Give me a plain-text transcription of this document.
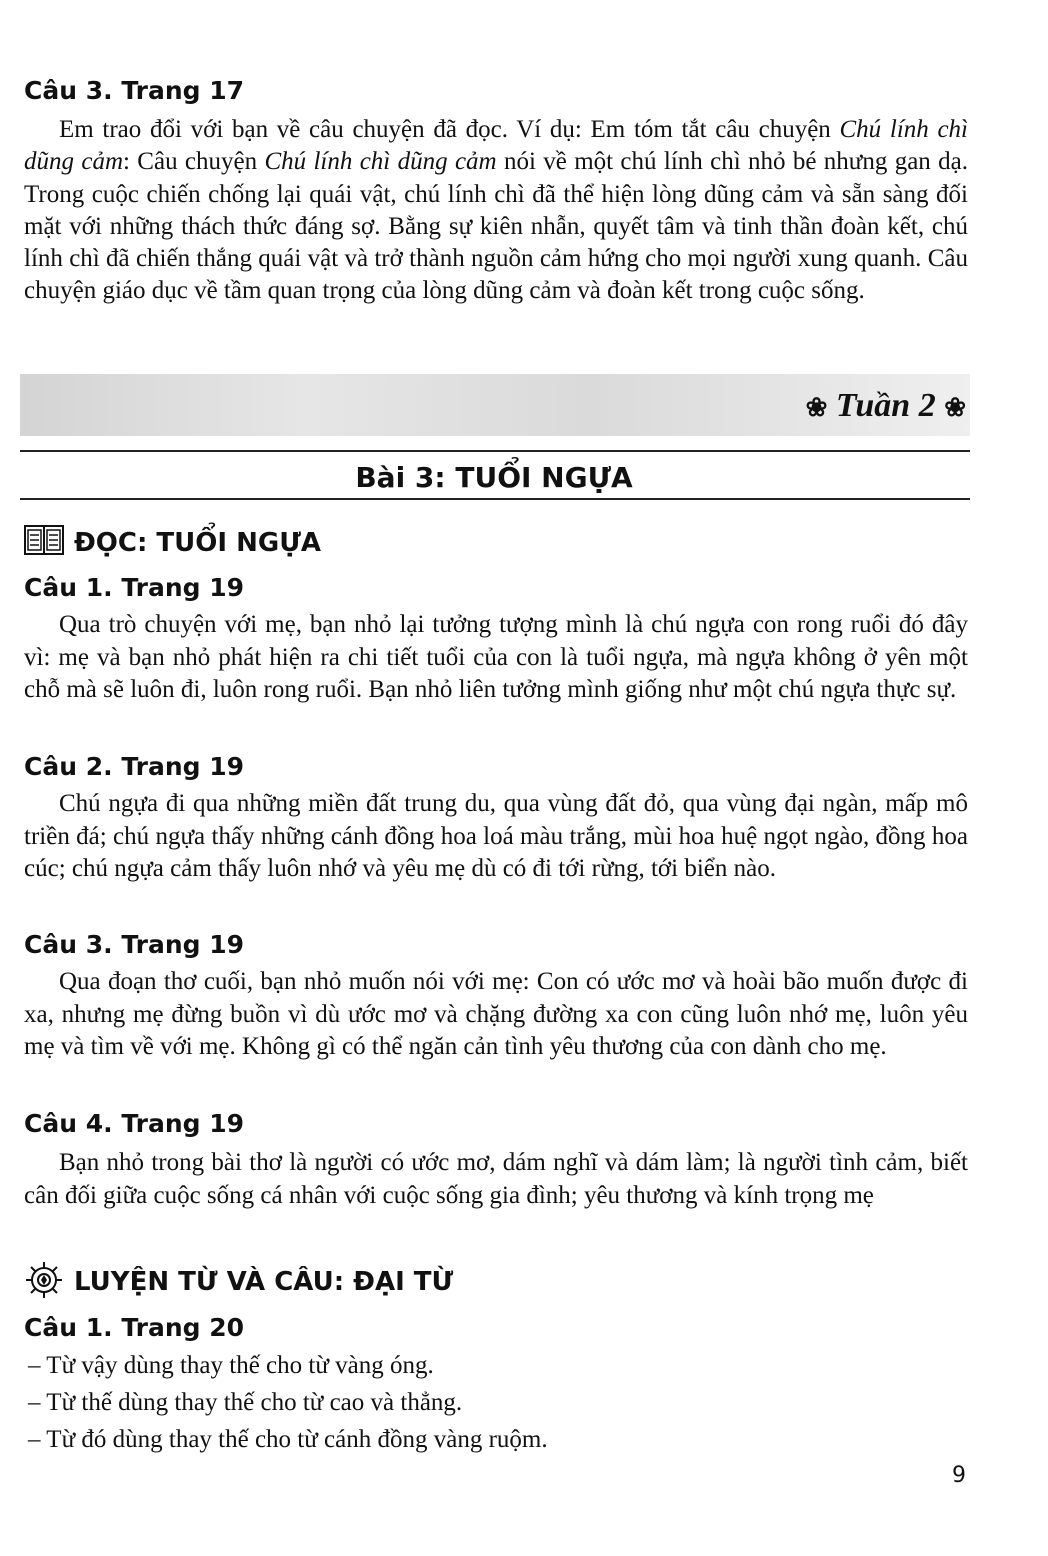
Câu 3. Trang 17
Em trao đổi với bạn về câu chuyện đã đọc. Ví dụ: Em tóm tắt câu chuyện Chú lính chì dũng cảm: Câu chuyện Chú lính chì dũng cảm nói về một chú lính chì nhỏ bé nhưng gan dạ. Trong cuộc chiến chống lại quái vật, chú lính chì đã thể hiện lòng dũng cảm và sẵn sàng đối mặt với những thách thức đáng sợ. Bằng sự kiên nhẫn, quyết tâm và tinh thần đoàn kết, chú lính chì đã chiến thắng quái vật và trở thành nguồn cảm hứng cho mọi người xung quanh. Câu chuyện giáo dục về tầm quan trọng của lòng dũng cảm và đoàn kết trong cuộc sống.
❀ Tuần 2 ❀
Bài 3: TUỔI NGỰA
ĐỌC: TUỔI NGỰA
Câu 1. Trang 19
Qua trò chuyện với mẹ, bạn nhỏ lại tưởng tượng mình là chú ngựa con rong ruổi đó đây vì: mẹ và bạn nhỏ phát hiện ra chi tiết tuổi của con là tuổi ngựa, mà ngựa không ở yên một chỗ mà sẽ luôn đi, luôn rong ruổi. Bạn nhỏ liên tưởng mình giống như một chú ngựa thực sự.
Câu 2. Trang 19
Chú ngựa đi qua những miền đất trung du, qua vùng đất đỏ, qua vùng đại ngàn, mấp mô triền đá; chú ngựa thấy những cánh đồng hoa loá màu trắng, mùi hoa huệ ngọt ngào, đồng hoa cúc; chú ngựa cảm thấy luôn nhớ và yêu mẹ dù có đi tới rừng, tới biển nào.
Câu 3. Trang 19
Qua đoạn thơ cuối, bạn nhỏ muốn nói với mẹ: Con có ước mơ và hoài bão muốn được đi xa, nhưng mẹ đừng buồn vì dù ước mơ và chặng đường xa con cũng luôn nhớ mẹ, luôn yêu mẹ và tìm về với mẹ. Không gì có thể ngăn cản tình yêu thương của con dành cho mẹ.
Câu 4. Trang 19
Bạn nhỏ trong bài thơ là người có ước mơ, dám nghĩ và dám làm; là người tình cảm, biết cân đối giữa cuộc sống cá nhân với cuộc sống gia đình; yêu thương và kính trọng mẹ
LUYỆN TỪ VÀ CÂU: ĐẠI TỪ
Câu 1. Trang 20
– Từ vậy dùng thay thế cho từ vàng óng.
– Từ thế dùng thay thế cho từ cao và thẳng.
– Từ đó dùng thay thế cho từ cánh đồng vàng ruộm.
9
